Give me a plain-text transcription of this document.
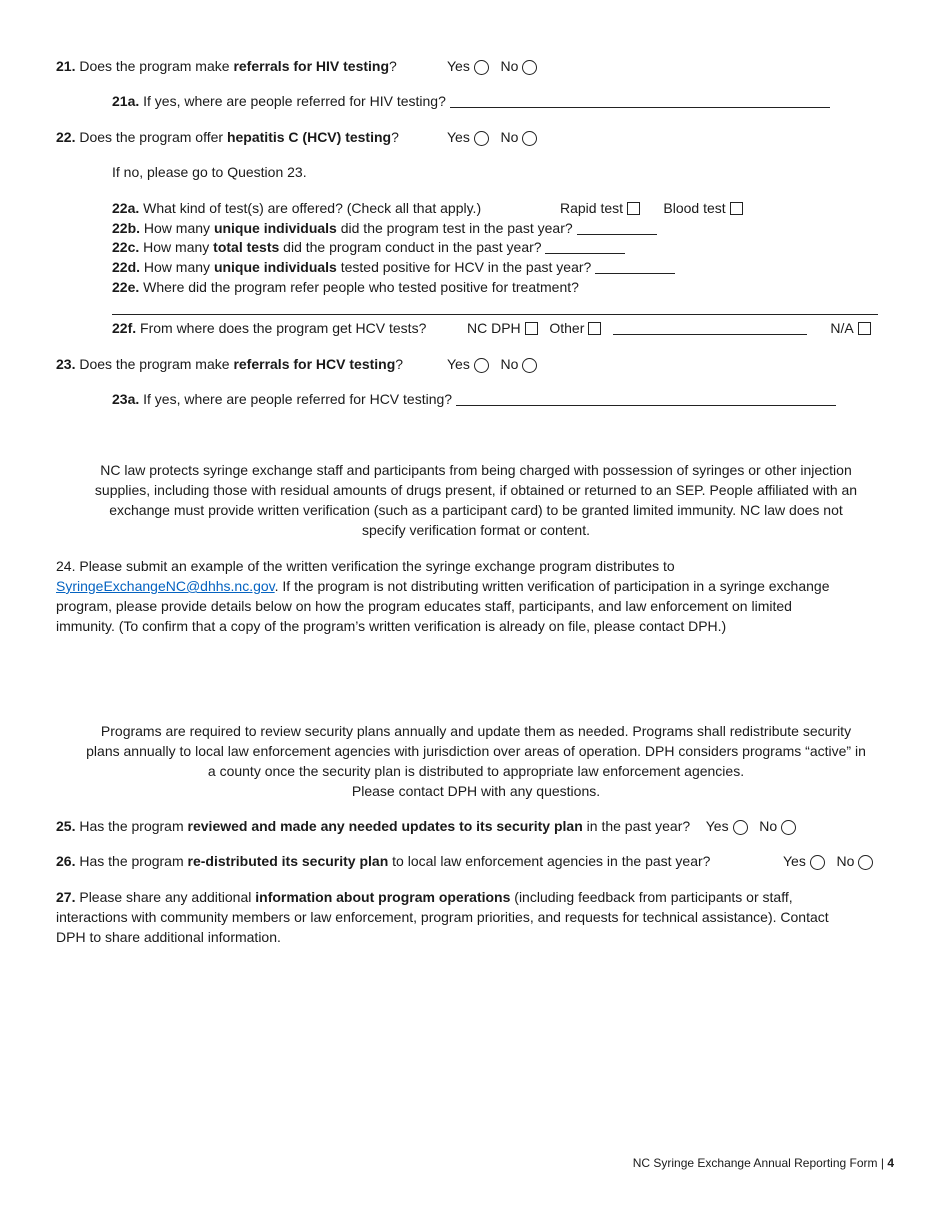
21. Does the program make referrals for HIV testing?	Yes No
21a. If yes, where are people referred for HIV testing?
22. Does the program offer hepatitis C (HCV) testing?	Yes No
If no, please go to Question 23.
22a. What kind of test(s) are offered? (Check all that apply.)	Rapid test	Blood test
22b. How many unique individuals did the program test in the past year?
22c. How many total tests did the program conduct in the past year?
22d. How many unique individuals tested positive for HCV in the past year?
22e. Where did the program refer people who tested positive for treatment?
22f. From where does the program get HCV tests?	NC DPH Other	N/A
23. Does the program make referrals for HCV testing?	Yes No
23a. If yes, where are people referred for HCV testing?
NC law protects syringe exchange staff and participants from being charged with possession of syringes or other injection
supplies, including those with residual amounts of drugs present, if obtained or returned to an SEP. People affiliated with an
exchange must provide written verification (such as a participant card) to be granted limited immunity. NC law does not
specify verification format or content.
24. Please submit an example of the written verification the syringe exchange program distributes to
SyringeExchangeNC@dhhs.nc.gov. If the program is not distributing written verification of participation in a syringe exchange
program, please provide details below on how the program educates staff, participants, and law enforcement on limited
immunity. (To confirm that a copy of the program’s written verification is already on file, please contact DPH.)
Programs are required to review security plans annually and update them as needed. Programs shall redistribute security
plans annually to local law enforcement agencies with jurisdiction over areas of operation. DPH considers programs “active” in
a county once the security plan is distributed to appropriate law enforcement agencies.
Please contact DPH with any questions.
25. Has the program reviewed and made any needed updates to its security plan in the past year? Yes No
26. Has the program re-distributed its security plan to local law enforcement agencies in the past year?	Yes No
27. Please share any additional information about program operations (including feedback from participants or staff,
interactions with community members or law enforcement, program priorities, and requests for technical assistance). Contact
DPH to share additional information.
NC Syringe Exchange Annual Reporting Form | 4
